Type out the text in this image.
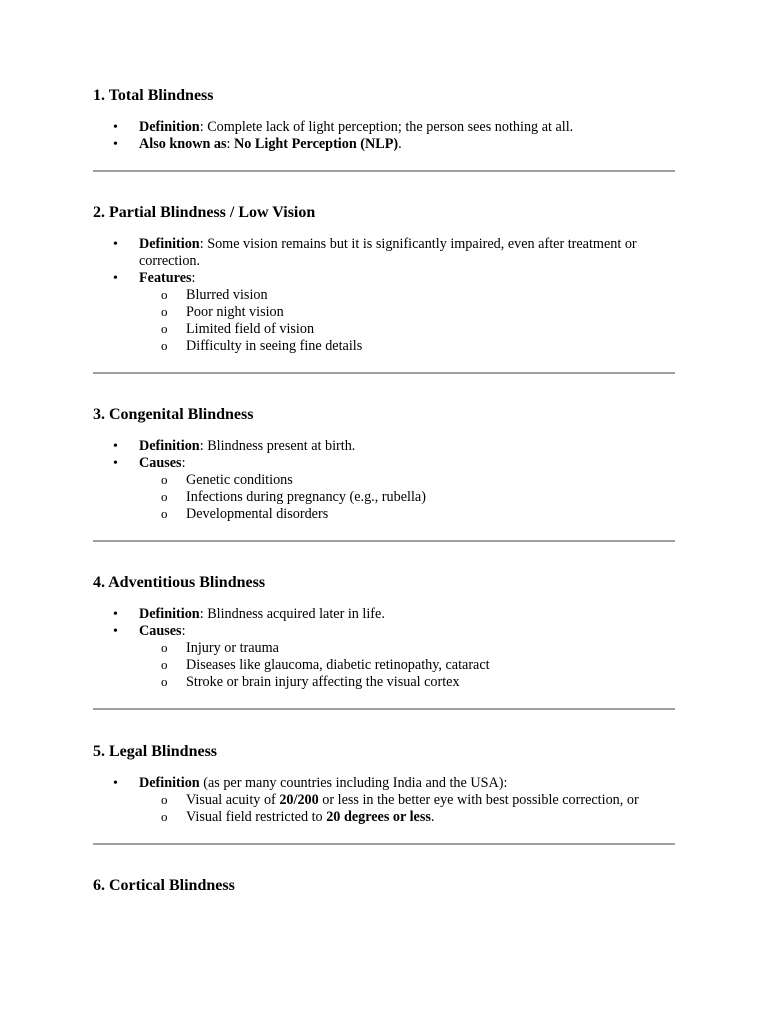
1. Total Blindness
• Definition: Complete lack of light perception; the person sees nothing at all.
• Also known as: No Light Perception (NLP).
2. Partial Blindness / Low Vision
• Definition: Some vision remains but it is significantly impaired, even after treatment or correction.
• Features:
o Blurred vision
o Poor night vision
o Limited field of vision
o Difficulty in seeing fine details
3. Congenital Blindness
• Definition: Blindness present at birth.
• Causes:
o Genetic conditions
o Infections during pregnancy (e.g., rubella)
o Developmental disorders
4. Adventitious Blindness
• Definition: Blindness acquired later in life.
• Causes:
o Injury or trauma
o Diseases like glaucoma, diabetic retinopathy, cataract
o Stroke or brain injury affecting the visual cortex
5. Legal Blindness
• Definition (as per many countries including India and the USA):
o Visual acuity of 20/200 or less in the better eye with best possible correction, or
o Visual field restricted to 20 degrees or less.
6. Cortical Blindness
